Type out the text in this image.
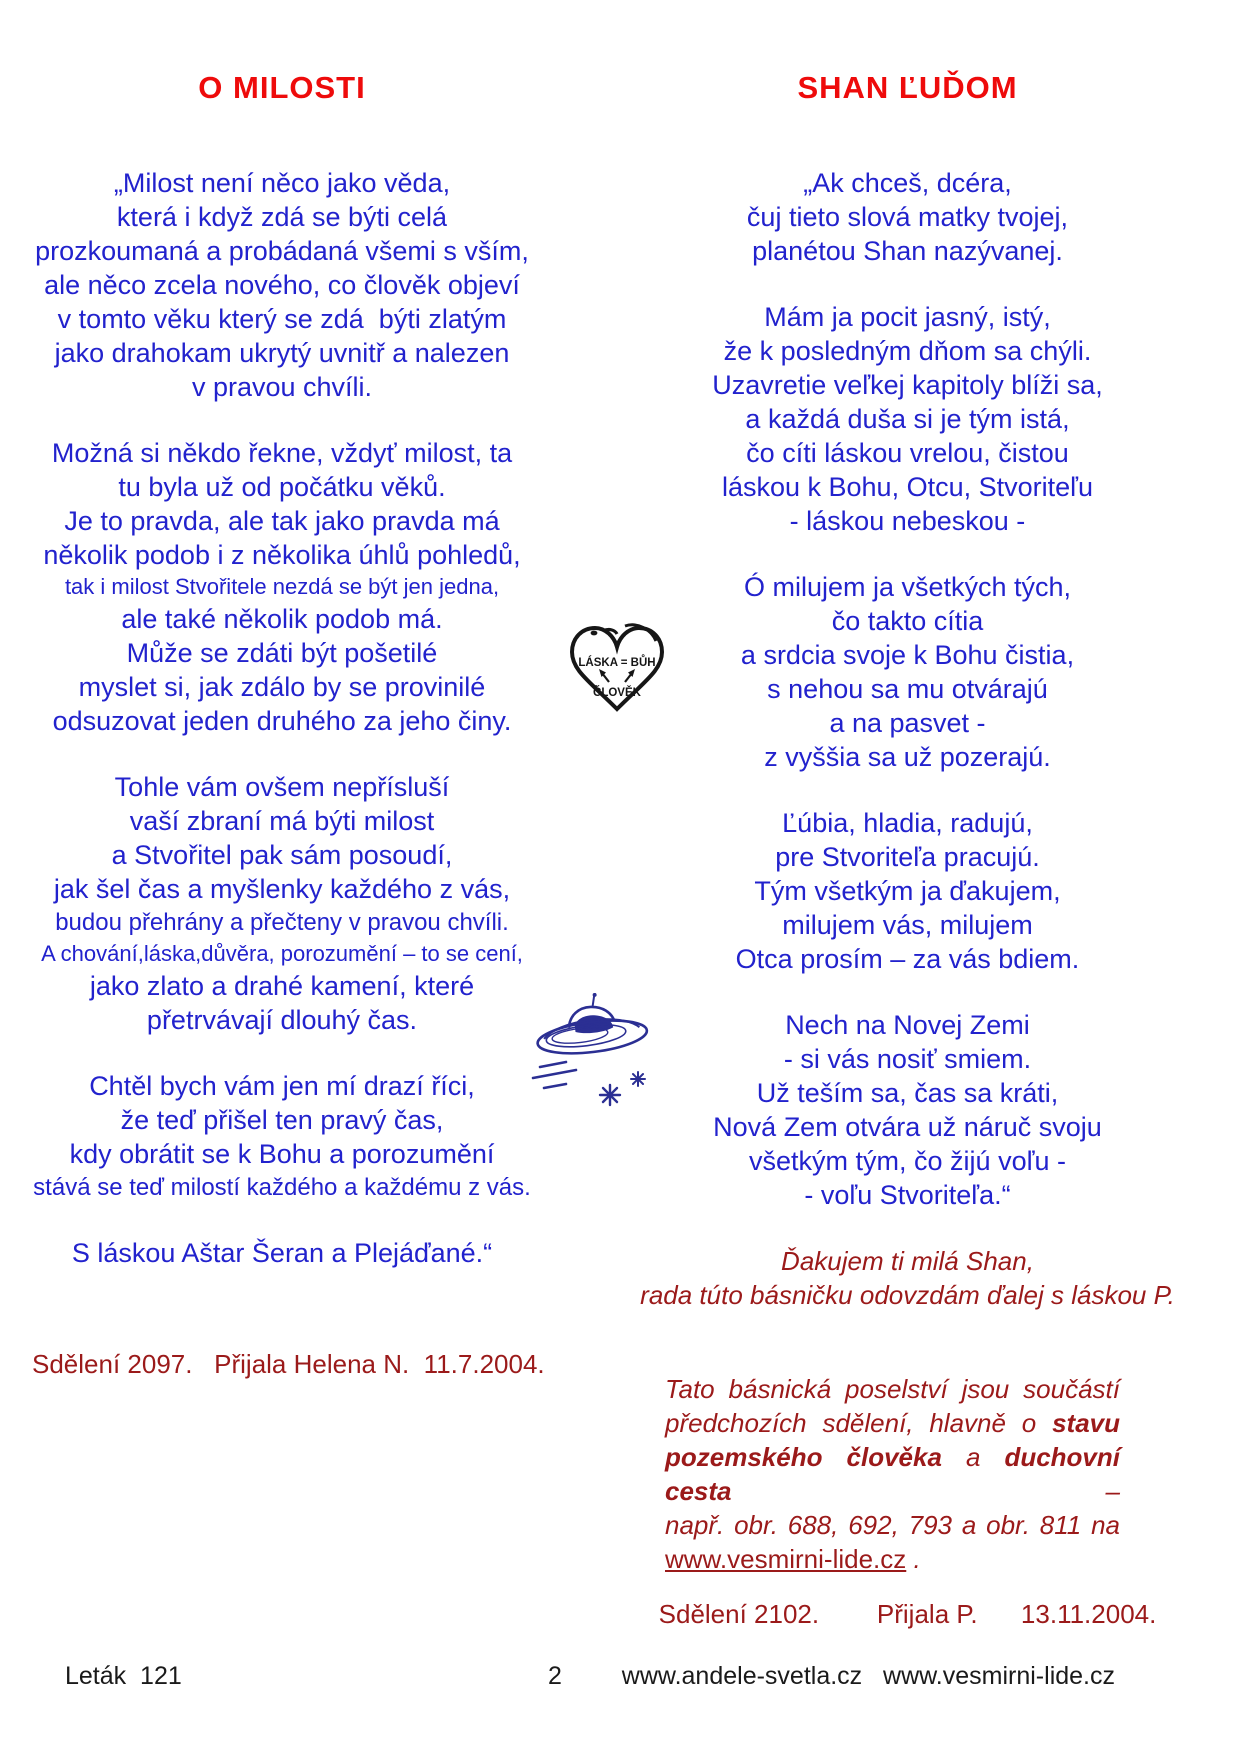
O MILOSTI
„Milost není něco jako věda,
která i když zdá se býti celá
prozkoumaná a probádaná všemi s vším,
ale něco zcela nového, co člověk objeví
v tomto věku který se zdá  býti zlatým
jako drahokam ukrytý uvnitř a nalezen
v pravou chvíli.
Možná si někdo řekne, vždyť milost, ta
tu byla už od počátku věků.
Je to pravda, ale tak jako pravda má
několik podob i z několika úhlů pohledů,
tak i milost Stvořitele nezdá se být jen jedna,
ale také několik podob má.
Může se zdáti být pošetilé
myslet si, jak zdálo by se provinilé
odsuzovat jeden druhého za jeho činy.
Tohle vám ovšem nepřísluší
vaší zbraní má býti milost
a Stvořitel pak sám posoudí,
jak šel čas a myšlenky každého z vás,
budou přehrány a přečteny v pravou chvíli.
A chování,láska,důvěra, porozumění – to se cení,
jako zlato a drahé kamení, které
přetrvávají dlouhý čas.
Chtěl bych vám jen mí drazí říci,
že teď přišel ten pravý čas,
kdy obrátit se k Bohu a porozumění
stává se teď milostí každého a každému z vás.
S láskou Aštar Šeran a Plejáďané.“
SHAN ĽUĎOM
„Ak chceš, dcéra,
čuj tieto slová matky tvojej,
planétou Shan nazývanej.
Mám ja pocit jasný, istý,
že k posledným dňom sa chýli.
Uzavretie veľkej kapitoly blíži sa,
a každá duša si je tým istá,
čo cíti láskou vrelou, čistou
láskou k Bohu, Otcu, Stvoriteľu
- láskou nebeskou -
Ó milujem ja všetkých tých,
čo takto cítia
a srdcia svoje k Bohu čistia,
s nehou sa mu otvárajú
a na pasvet -
z vyššia sa už pozerajú.
Ľúbia, hladia, radujú,
pre Stvoriteľa pracujú.
Tým všetkým ja ďakujem,
milujem vás, milujem
Otca prosím – za vás bdiem.
Nech na Novej Zemi
- si vás nosiť smiem.
Už teším sa, čas sa kráti,
Nová Zem otvára už náruč svoju
všetkým tým, čo žijú voľu -
- voľu Stvoriteľa.“
Ďakujem ti milá Shan,
rada túto básničku odovzdám ďalej s láskou P.
Sdělení 2097.   Přijala Helena N.  11.7.2004.
Tato básnická poselství jsou součástí
předchozích sdělení, hlavně o stavu
pozemského člověka a duchovní cesta –
např. obr. 688, 692, 793 a obr. 811 na
www.vesmirni-lide.cz .
Sdělení 2102.        Přijala P.      13.11.2004.
LÁSKA = BŮH
ČLOVĚK
Leták  121	2	www.andele-svetla.cz   www.vesmirni-lide.cz
